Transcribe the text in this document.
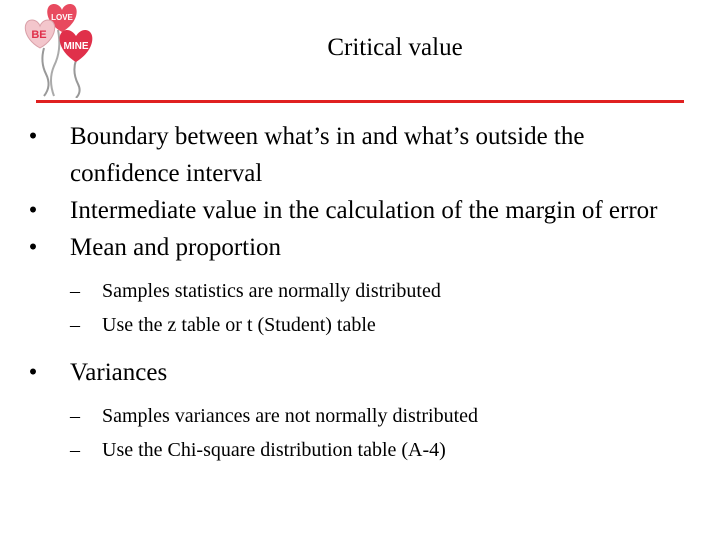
LOVE
BE
MINE	Critical value
•	Boundary between what’s in and what’s outside the confidence interval
•	Intermediate value in the calculation of the margin of error
•	Mean and proportion
–	Samples statistics are normally distributed
–	Use the z table or t (Student) table
•	Variances
–	Samples variances are not normally distributed
–	Use the Chi-square distribution table (A-4)
